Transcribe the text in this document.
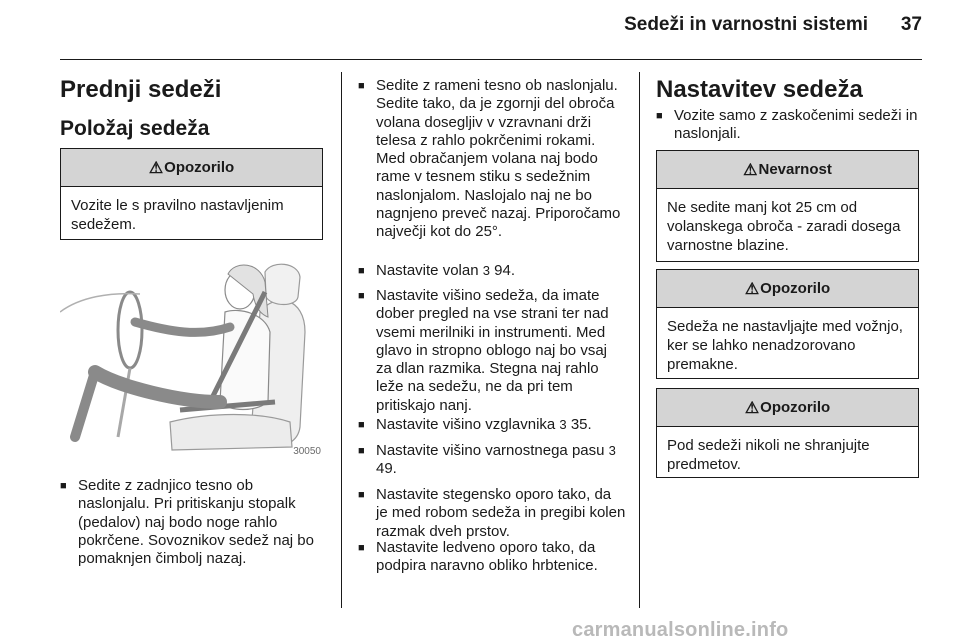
Sedeži in varnostni sistemi 37
Prednji sedeži
Položaj sedeža
⚠ Opozorilo
Vozite le s pravilno nastavljenim sedežem.
30050
■ Sedite z zadnjico tesno ob naslonjalu. Pri pritiskanju stopalk (pedalov) naj bodo noge rahlo pokrčene. Sovoznikov sedež naj bo pomaknjen čimbolj nazaj.
■ Sedite z rameni tesno ob naslonjalu. Sedite tako, da je zgornji del obroča volana dosegljiv v vzravnani drži telesa z rahlo pokrčenimi rokami. Med obračanjem volana naj bodo rame v tesnem stiku s sedežnim naslonjalom. Naslojalo naj ne bo nagnjeno preveč nazaj. Priporočamo največji kot do 25°.
■ Nastavite volan 3 94.
■ Nastavite višino sedeža, da imate dober pregled na vse strani ter nad vsemi merilniki in instrumenti. Med glavo in stropno oblogo naj bo vsaj za dlan razmika. Stegna naj rahlo leže na sedežu, ne da pri tem pritiskajo nanj.
■ Nastavite višino vzglavnika 3 35.
■ Nastavite višino varnostnega pasu 3 49.
■ Nastavite stegensko oporo tako, da je med robom sedeža in pregibi kolen razmak dveh prstov.
■ Nastavite ledveno oporo tako, da podpira naravno obliko hrbtenice.
Nastavitev sedeža
■ Vozite samo z zaskočenimi sedeži in naslonjali.
⚠ Nevarnost
Ne sedite manj kot 25 cm od volanskega obroča - zaradi dosega varnostne blazine.
⚠ Opozorilo
Sedeža ne nastavljajte med vožnjo, ker se lahko nenadzorovano premakne.
⚠ Opozorilo
Pod sedeži nikoli ne shranjujte predmetov.
carmanualsonline.info
